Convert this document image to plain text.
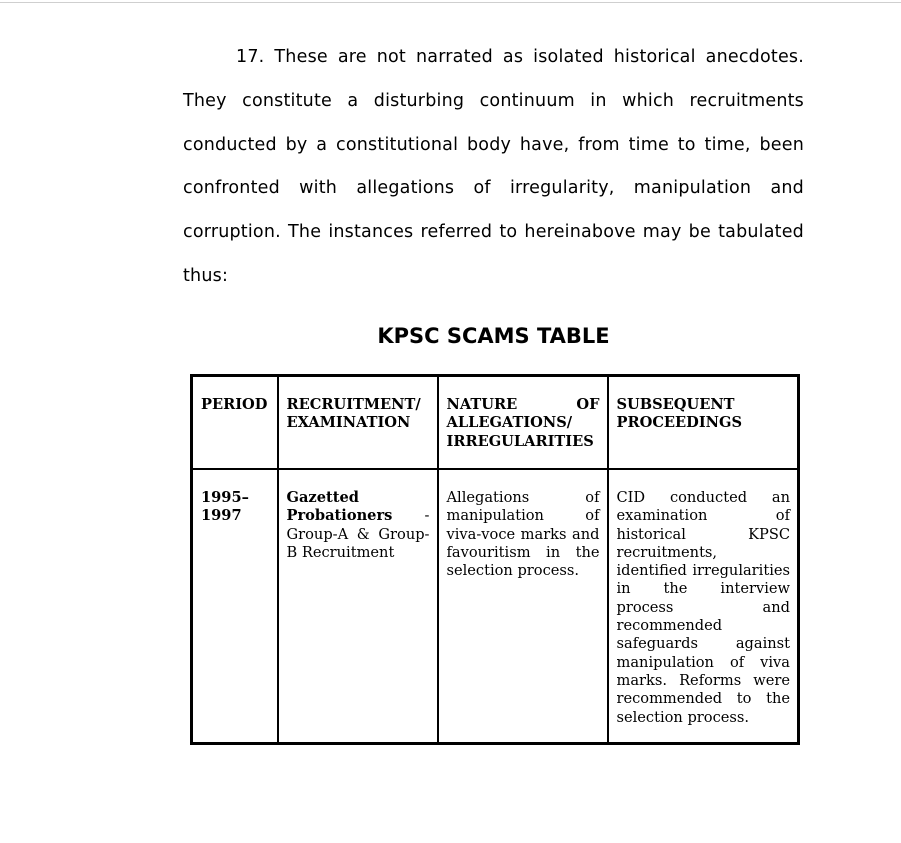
17. These are not narrated as isolated historical anecdotes. They constitute a disturbing continuum in which recruitments conducted by a constitutional body have, from time to time, been confronted with allegations of irregularity, manipulation and corruption. The instances referred to hereinabove may be tabulated thus:

KPSC SCAMS TABLE
PERIOD	RECRUITMENT/ EXAMINATION	NATURE OF ALLEGATIONS/ IRREGULARITIES	SUBSEQUENT PROCEEDINGS
1995–1997	Gazetted Probationers - Group-A & Group-B Recruitment	Allegations of manipulation of viva-voce marks and favouritism in the selection process.	CID conducted an examination of historical KPSC recruitments, identified irregularities in the interview process and recommended safeguards against manipulation of viva marks. Reforms were recommended to the selection process.
